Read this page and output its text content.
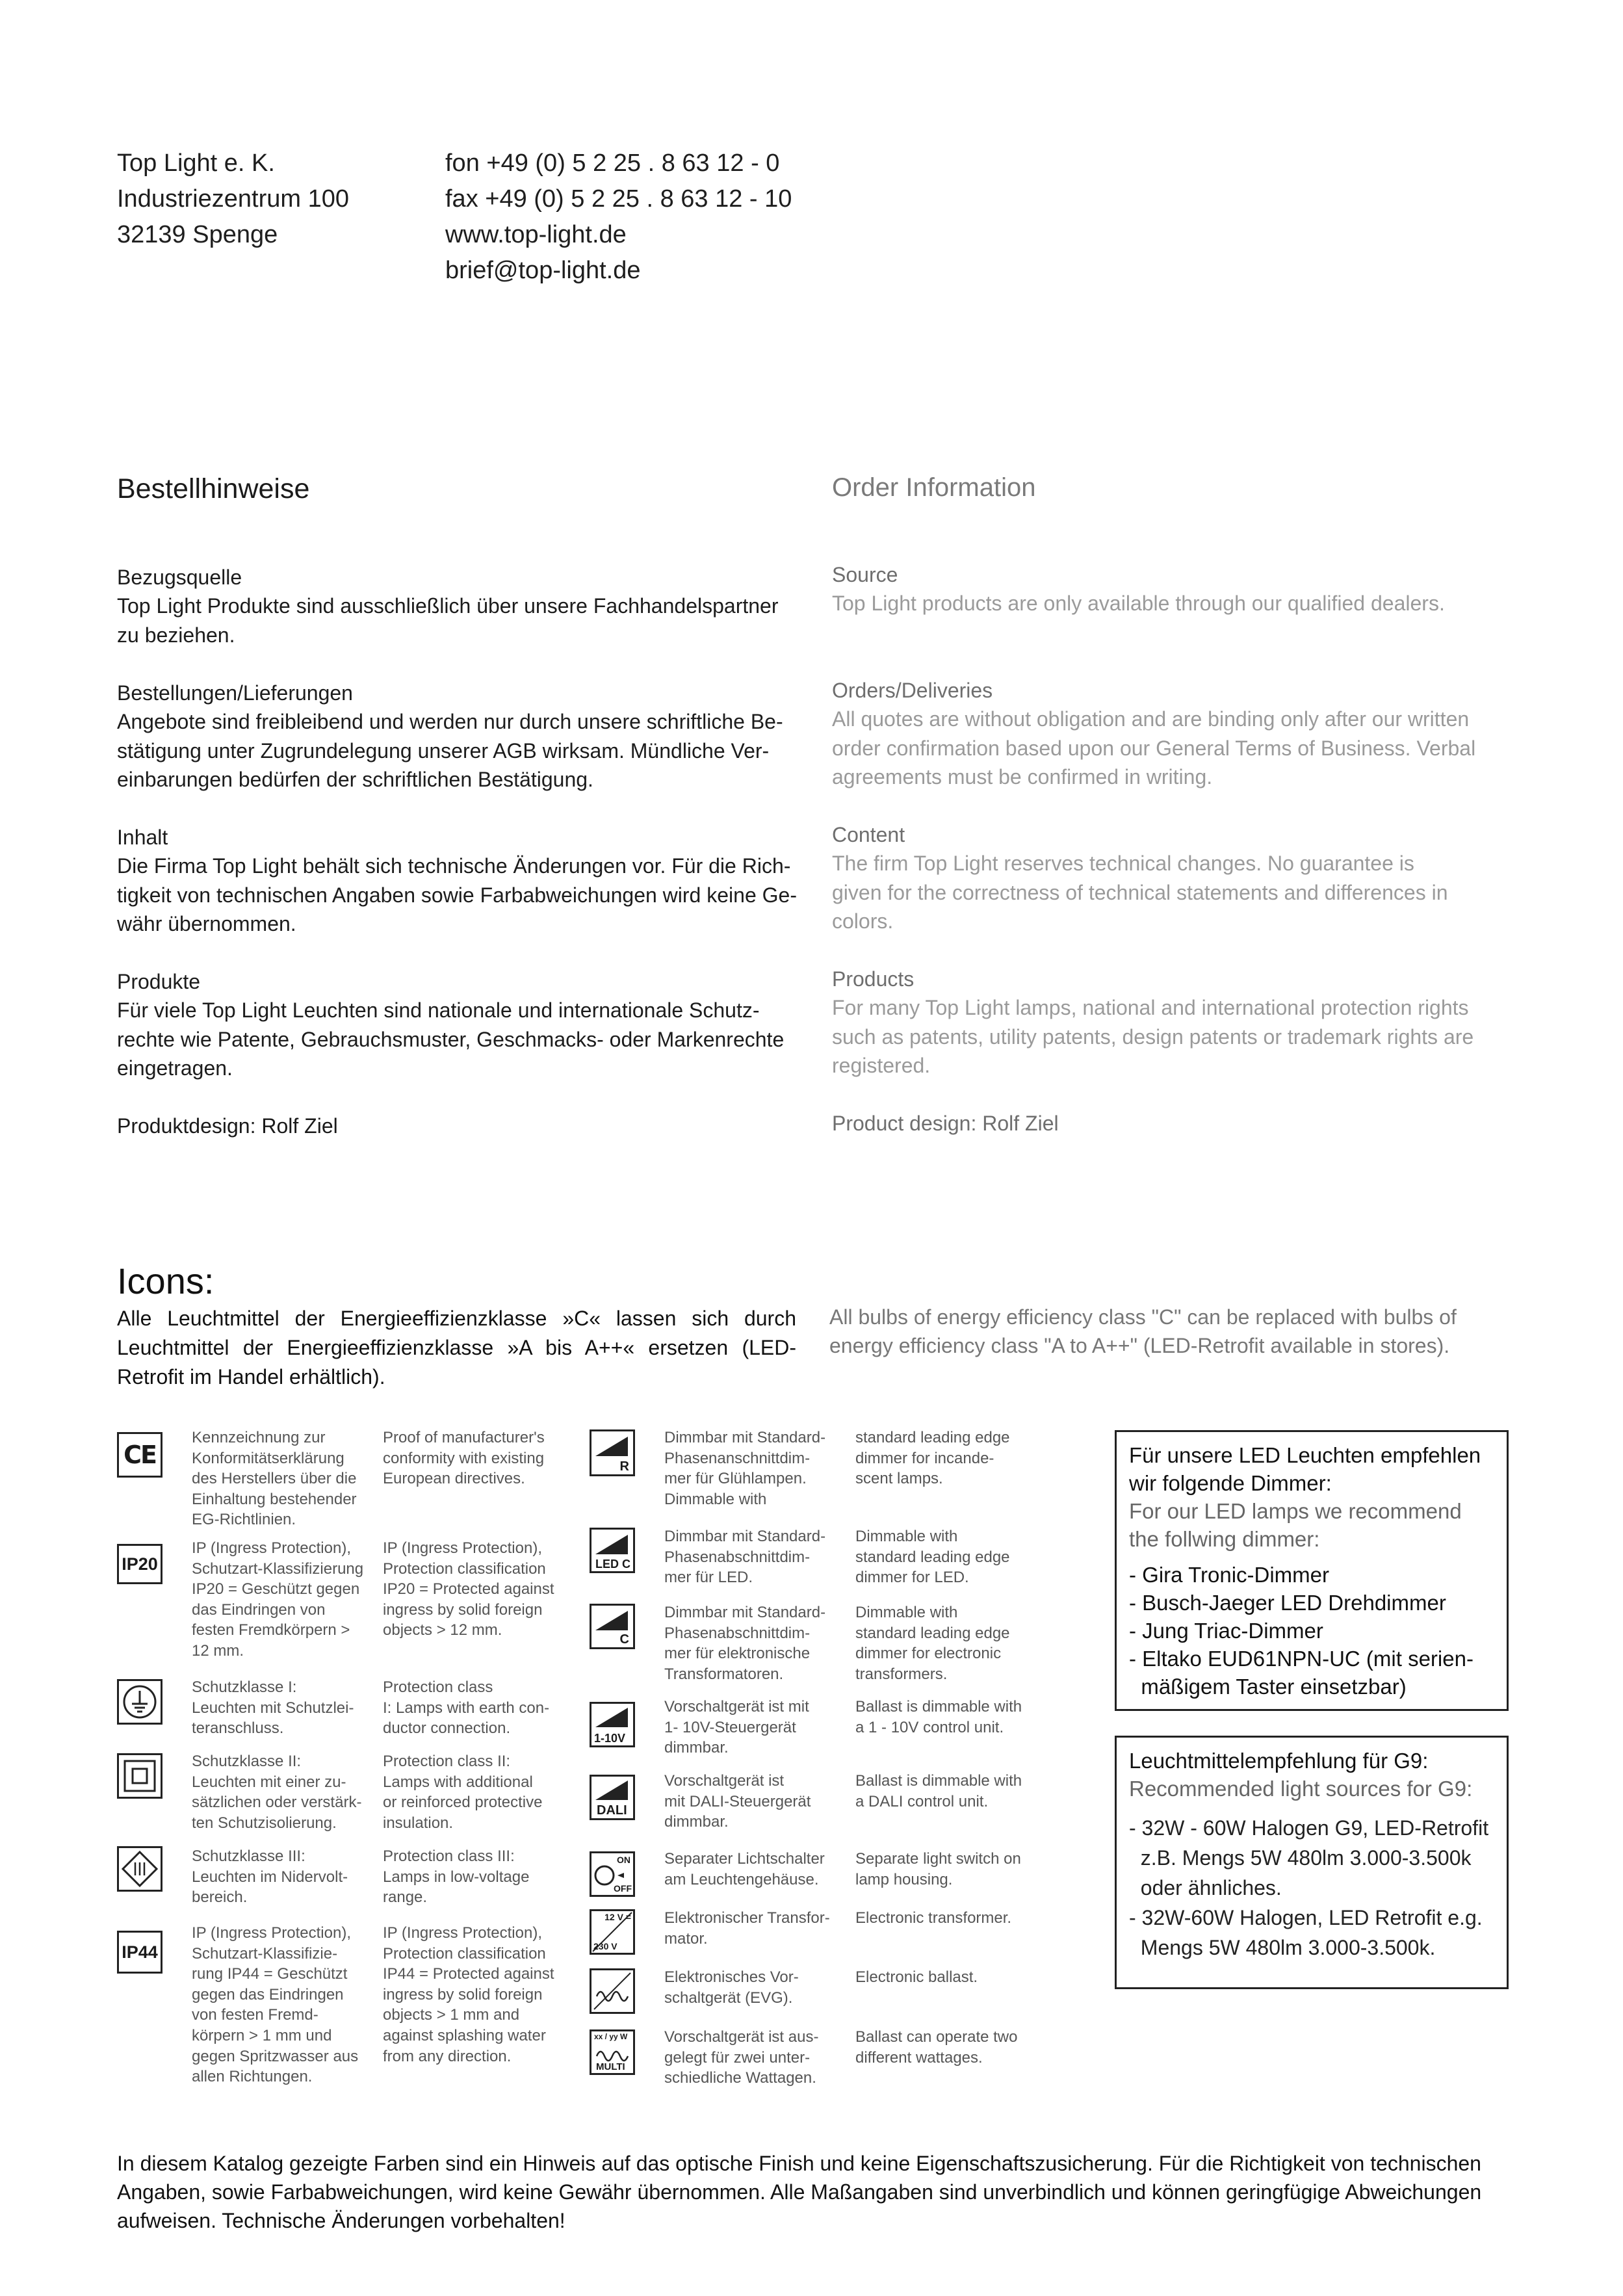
Top Light e. K.
Industriezentrum 100
32139 Spenge
fon +49 (0) 5 2 25 . 8 63 12 - 0
fax +49 (0) 5 2 25 . 8 63 12 - 10
www.top-light.de
brief@top-light.de
Bestellhinweise	Order Information
Bezugsquelle

Top Light Produkte sind ausschließlich über unsere Fachhandelspartner
zu beziehen.

Bestellungen/Lieferungen

Angebote sind freibleibend und werden nur durch unsere schriftliche Be-
stätigung unter Zugrundelegung unserer AGB wirksam. Mündliche Ver-
einbarungen bedürfen der schriftlichen Bestätigung.

Inhalt

Die Firma Top Light behält sich technische Änderungen vor. Für die Rich-
tigkeit von technischen Angaben sowie Farbabweichungen wird keine Ge-
währ übernommen.

Produkte

Für viele Top Light Leuchten sind nationale und internationale Schutz-
rechte wie Patente, Gebrauchsmuster, Geschmacks- oder Markenrechte
eingetragen.

Produktdesign: Rolf Ziel
Source

Top Light products are only available through our qualified dealers.

Orders/Deliveries

All quotes are without obligation and are binding only after our written
order confirmation based upon our General Terms of Business. Verbal
agreements must be confirmed in writing.

Content

The firm Top Light reserves technical changes. No guarantee is
given for the correctness of technical statements and differences in
colors.

Products

For many Top Light lamps, national and international protection rights
such as patents, utility patents, design patents or trademark rights are
registered.

Product design: Rolf Ziel
Icons:
Alle Leuchtmittel der Energieeffizienzklasse »C« lassen sich durch
Leuchtmittel der Energieeffizienzklasse »A bis A++« ersetzen (LED-
Retrofit im Handel erhältlich).
All bulbs of energy efficiency class "C" can be replaced with bulbs of
energy efficiency class "A to A++" (LED-Retrofit available in stores).
CE
Kennzeichnung zur
Konformitätserklärung
des Herstellers über die
Einhaltung bestehender
EG-Richtlinien.
Proof of manufacturer's
conformity with existing
European directives.
IP20
IP (Ingress Protection),
Schutzart-Klassifizierung
IP20 = Geschützt gegen
das Eindringen von
festen Fremdkörpern >
12 mm.
IP (Ingress Protection),
Protection classification
IP20 = Protected against
ingress by solid foreign
objects > 12 mm.
Schutzklasse I:
Leuchten mit Schutzlei-
teranschluss.
Protection class
I: Lamps with earth con-
ductor connection.
Schutzklasse II:
Leuchten mit einer zu-
sätzlichen oder verstärk-
ten Schutzisolierung.
Protection class II:
Lamps with additional
or reinforced protective
insulation.
Schutzklasse III:
Leuchten im Nidervolt-
bereich.
Protection class III:
Lamps in low-voltage
range.
IP44
IP (Ingress Protection),
Schutzart-Klassifizie-
rung IP44 = Geschützt
gegen das Eindringen
von festen Fremd-
körpern > 1 mm und
gegen Spritzwasser aus
allen Richtungen.
IP (Ingress Protection),
Protection classification
IP44 = Protected against
ingress by solid foreign
objects > 1 mm and
against splashing water
from any direction.
R
Dimmbar mit Standard-
Phasenanschnittdim-
mer für Glühlampen.
Dimmable with
standard leading edge
dimmer for incande-
scent lamps.
LED C
Dimmbar mit Standard-
Phasenabschnittdim-
mer für LED.
Dimmable with
standard leading edge
dimmer for LED.
C
Dimmbar mit Standard-
Phasenabschnittdim-
mer für elektronische
Transformatoren.
Dimmable with
standard leading edge
dimmer for electronic
transformers.
1-10V
Vorschaltgerät ist mit
1- 10V-Steuergerät
dimmbar.
Ballast is dimmable with
a 1 - 10V control unit.
DALI
Vorschaltgerät ist
mit DALI-Steuergerät
dimmbar.
Ballast is dimmable with
a DALI control unit.
ON
OFF
Separater Lichtschalter
am Leuchtengehäuse.
Separate light switch on
lamp housing.
12 V =
230 V
Elektronischer Transfor-
mator.
Electronic transformer.
Elektronisches Vor-
schaltgerät (EVG).
Electronic ballast.
xx / yy W
MULTI
Vorschaltgerät ist aus-
gelegt für zwei unter-
schiedliche Wattagen.
Ballast can operate two
different wattages.
Für unsere LED Leuchten empfehlen
wir folgende Dimmer:
For our LED lamps we recommend
the follwing dimmer:
- Gira Tronic-Dimmer
- Busch-Jaeger LED Drehdimmer
- Jung Triac-Dimmer
- Eltako EUD61NPN-UC (mit serien-
mäßigem Taster einsetzbar)
Leuchtmittelempfehlung für G9:
Recommended light sources for G9:
- 32W - 60W Halogen G9, LED-Retrofit
z.B. Mengs 5W 480lm 3.000-3.500k
oder ähnliches.
- 32W-60W Halogen, LED Retrofit e.g.
Mengs 5W 480lm 3.000-3.500k.
In diesem Katalog gezeigte Farben sind ein Hinweis auf das optische Finish und keine Eigenschaftszusicherung. Für die Richtigkeit von technischen
Angaben, sowie Farbabweichungen, wird keine Gewähr übernommen. Alle Maßangaben sind unverbindlich und können geringfügige Abweichungen
aufweisen. Technische Änderungen vorbehalten!
